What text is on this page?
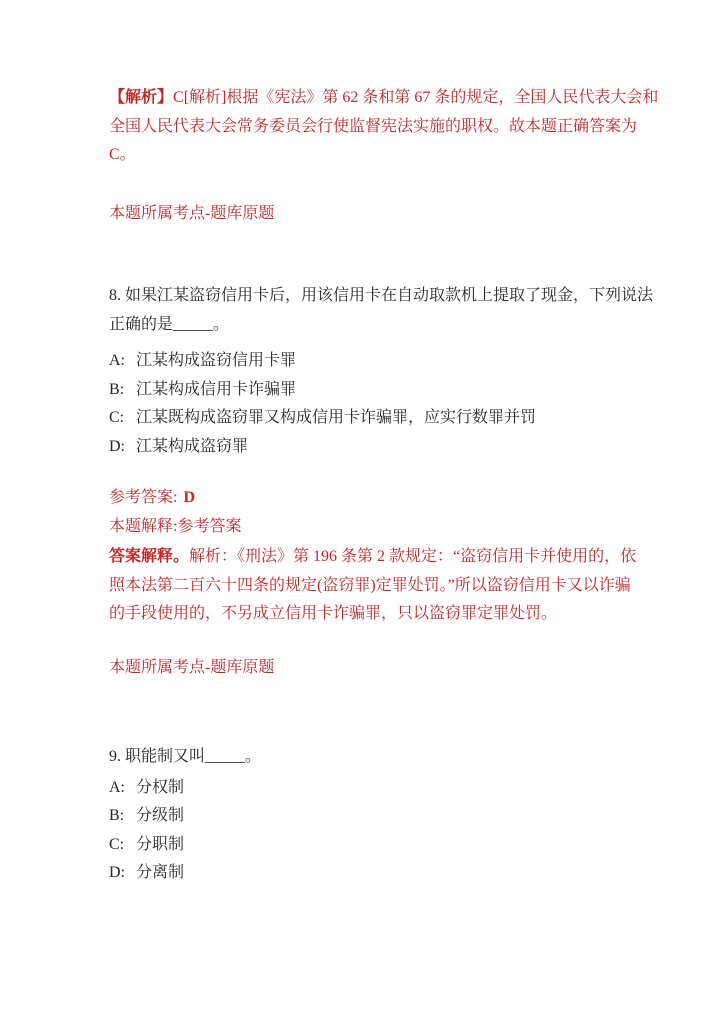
【解析】C[解析]根据《宪法》第 62 条和第 67 条的规定，全国人民代表大会和
全国人民代表大会常务委员会行使监督宪法实施的职权。故本题正确答案为
C。
本题所属考点-题库原题
8. 如果江某盗窃信用卡后，用该信用卡在自动取款机上提取了现金，下列说法
正确的是_____。
A: 江某构成盗窃信用卡罪
B: 江某构成信用卡诈骗罪
C: 江某既构成盗窃罪又构成信用卡诈骗罪，应实行数罪并罚
D: 江某构成盗窃罪
参考答案: D
本题解释:参考答案
答案解释。解析：《刑法》第 196 条第 2 款规定：“盗窃信用卡并使用的，依
照本法第二百六十四条的规定(盗窃罪)定罪处罚。”所以盗窃信用卡又以诈骗
的手段使用的，不另成立信用卡诈骗罪，只以盗窃罪定罪处罚。
本题所属考点-题库原题
9. 职能制又叫_____。
A: 分权制
B: 分级制
C: 分职制
D: 分离制
